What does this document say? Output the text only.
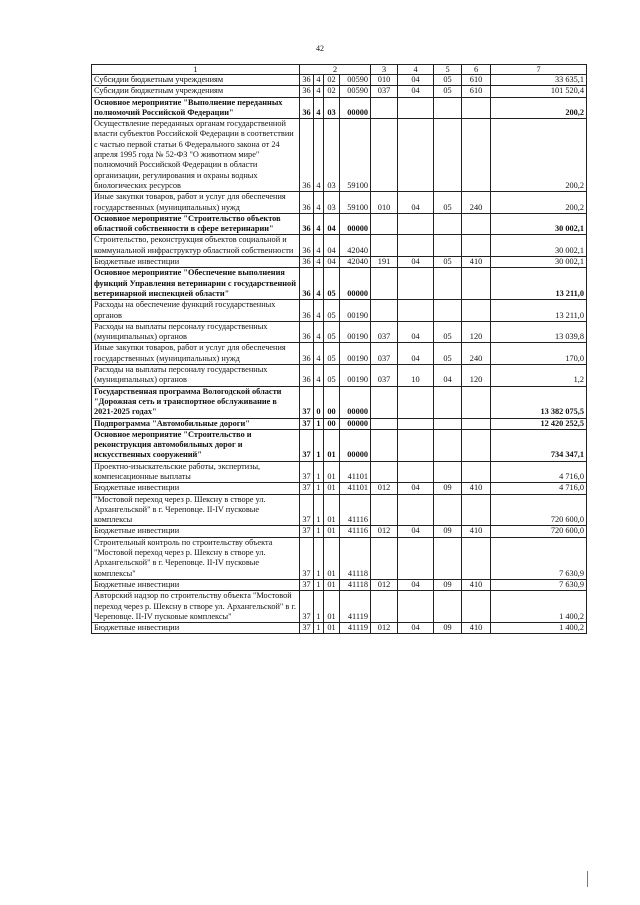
42
1	2				3	4	5	6	7
Субсидии бюджетным учреждениям	36	4	02	00590	010	04	05	610	33 635,1
Субсидии бюджетным учреждениям	36	4	02	00590	037	04	05	610	101 520,4
Основное мероприятие "Выполнение переданных полномочий Российской Федерации"	36	4	03	00000					200,2
Осуществление переданных органам государственной власти субъектов Российской Федерации в соответствии с частью первой статьи 6 Федерального закона от 24 апреля 1995 года № 52-ФЗ "О животном мире" полномочий Российской Федерации в области организации, регулирования и охраны водных биологических ресурсов	36	4	03	59100					200,2
Иные закупки товаров, работ и услуг для обеспечения государственных (муниципальных) нужд	36	4	03	59100	010	04	05	240	200,2
Основное мероприятие "Строительство объектов областной собственности в сфере ветеринарии"	36	4	04	00000					30 002,1
Строительство, реконструкция объектов социальной и коммунальной инфраструктур областной собственности	36	4	04	42040					30 002,1
Бюджетные инвестиции	36	4	04	42040	191	04	05	410	30 002,1
Основное мероприятие "Обеспечение выполнения функций Управления ветеринарии с государственной ветеринарной инспекцией области"	36	4	05	00000					13 211,0
Расходы на обеспечение функций государственных органов	36	4	05	00190					13 211,0
Расходы на выплаты персоналу государственных (муниципальных) органов	36	4	05	00190	037	04	05	120	13 039,8
Иные закупки товаров, работ и услуг для обеспечения государственных (муниципальных) нужд	36	4	05	00190	037	04	05	240	170,0
Расходы на выплаты персоналу государственных (муниципальных) органов	36	4	05	00190	037	10	04	120	1,2
Государственная программа Вологодской области "Дорожная сеть и транспортное обслуживание в 2021-2025 годах"	37	0	00	00000					13 382 075,5
Подпрограмма "Автомобильные дороги"	37	1	00	00000					12 420 252,5
Основное мероприятие "Строительство и реконструкция автомобильных дорог и искусственных сооружений"	37	1	01	00000					734 347,1
Проектно-изыскательские работы, экспертизы, компенсационные выплаты	37	1	01	41101					4 716,0
Бюджетные инвестиции	37	1	01	41101	012	04	09	410	4 716,0
"Мостовой переход через р. Шексну в створе ул. Архангельской" в г. Череповце. II-IV пусковые комплексы	37	1	01	41116					720 600,0
Бюджетные инвестиции	37	1	01	41116	012	04	09	410	720 600,0
Строительный контроль по строительству объекта "Мостовой переход через р. Шексну в створе ул. Архангельской" в г. Череповце. II-IV пусковые комплексы"	37	1	01	41118					7 630,9
Бюджетные инвестиции	37	1	01	41118	012	04	09	410	7 630,9
Авторский надзор по строительству объекта "Мостовой переход через р. Шексну в створе ул. Архангельской" в г. Череповце. II-IV пусковые комплексы"	37	1	01	41119					1 400,2
Бюджетные инвестиции	37	1	01	41119	012	04	09	410	1 400,2
